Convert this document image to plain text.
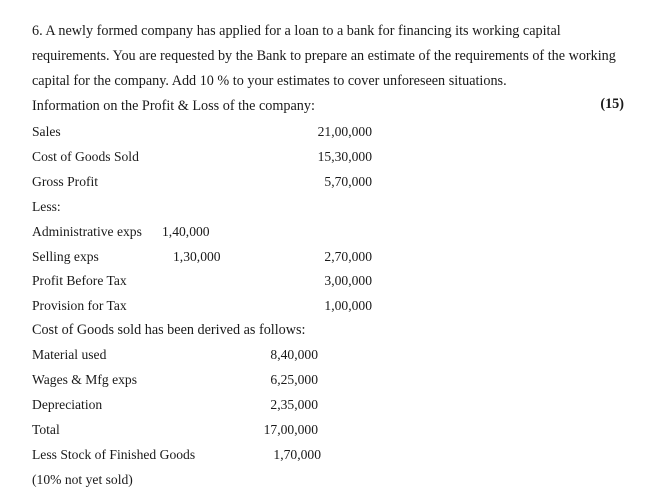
6. A newly formed company has applied for a loan to a bank for financing its working capital
requirements. You are requested by the Bank to prepare an estimate of the requirements of the working
capital for the company. Add 10 % to your estimates to cover unforeseen situations.
Information on the Profit & Loss of the company:	(15)
Sales	21,00,000
Cost of Goods Sold	15,30,000
Gross Profit	5,70,000
Less:
Administrative exps 1,40,000
Selling exps	1,30,000	2,70,000
Profit Before Tax	3,00,000
Provision for Tax	1,00,000
Cost of Goods sold has been derived as follows:
Material used	8,40,000
Wages & Mfg exps	6,25,000
Depreciation	2,35,000
Total	17,00,000
Less Stock of Finished Goods	1,70,000
(10% not yet sold)
